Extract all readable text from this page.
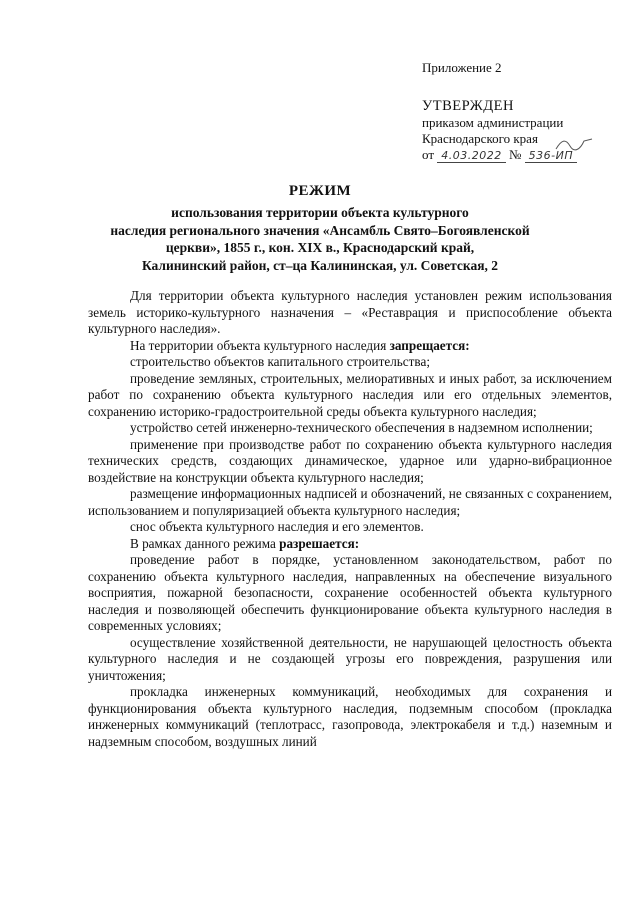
Приложение 2
УТВЕРЖДЕН
приказом администрации
Краснодарского края
от 4.03.2022 № 536-ИП
РЕЖИМ
использования территории объекта культурного
наследия регионального значения «Ансамбль Свято–Богоявленской
церкви», 1855 г., кон. XIX в., Краснодарский край,
Калининский район, ст–ца Калининская, ул. Советская, 2

Для территории объекта культурного наследия установлен режим использования земель историко-культурного назначения – «Реставрация и приспособление объекта культурного наследия».

На территории объекта культурного наследия запрещается:

строительство объектов капитального строительства;

проведение земляных, строительных, мелиоративных и иных работ, за исключением работ по сохранению объекта культурного наследия или его отдельных элементов, сохранению историко-градостроительной среды объекта культурного наследия;

устройство сетей инженерно-технического обеспечения в надземном исполнении;

применение при производстве работ по сохранению объекта культурного наследия технических средств, создающих динамическое, ударное или ударно-вибрационное воздействие на конструкции объекта культурного наследия;

размещение информационных надписей и обозначений, не связанных с сохранением, использованием и популяризацией объекта культурного наследия;

снос объекта культурного наследия и его элементов.

В рамках данного режима разрешается:

проведение работ в порядке, установленном законодательством, работ по сохранению объекта культурного наследия, направленных на обеспечение визуального восприятия, пожарной безопасности, сохранение особенностей объекта культурного наследия и позволяющей обеспечить функционирование объекта культурного наследия в современных условиях;

осуществление хозяйственной деятельности, не нарушающей целостность объекта культурного наследия и не создающей угрозы его повреждения, разрушения или уничтожения;

прокладка инженерных коммуникаций, необходимых для сохранения и функционирования объекта культурного наследия, подземным способом (прокладка инженерных коммуникаций (теплотрасс, газопровода, электрокабеля и т.д.) наземным и надземным способом, воздушных линий
